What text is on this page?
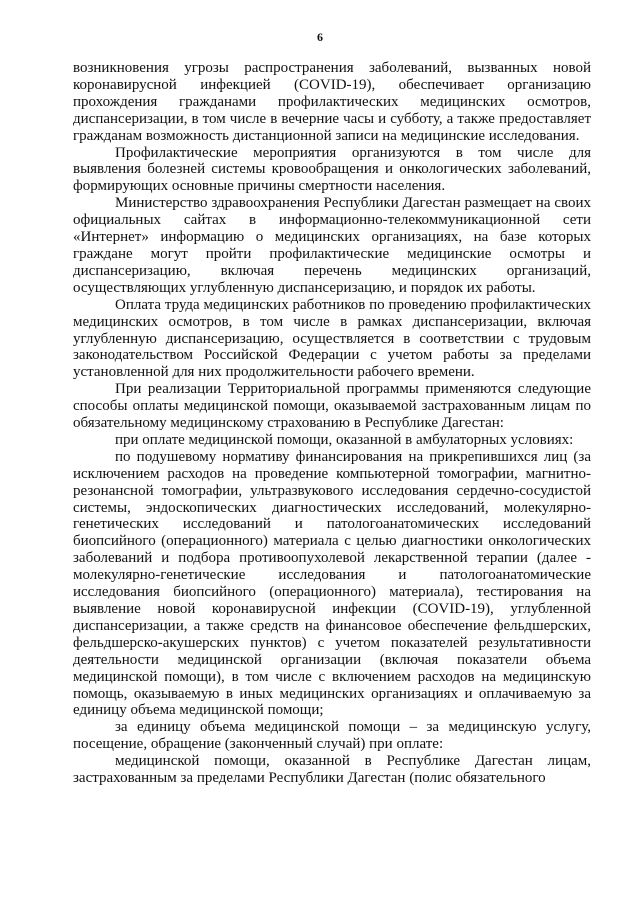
6

возникновения угрозы распространения заболеваний, вызванных новой коронавирусной инфекцией (COVID-19), обеспечивает организацию прохождения гражданами профилактических медицинских осмотров, диспансеризации, в том числе в вечерние часы и субботу, а также предоставляет гражданам возможность дистанционной записи на медицинские исследования.

Профилактические мероприятия организуются в том числе для выявления болезней системы кровообращения и онкологических заболеваний, формирующих основные причины смертности населения.

Министерство здравоохранения Республики Дагестан размещает на своих официальных сайтах в информационно-телекоммуникационной сети «Интернет» информацию о медицинских организациях, на базе которых граждане могут пройти профилактические медицинские осмотры и диспансеризацию, включая перечень медицинских организаций, осуществляющих углубленную диспансеризацию, и порядок их работы.

Оплата труда медицинских работников по проведению профилактических медицинских осмотров, в том числе в рамках диспансеризации, включая углубленную диспансеризацию, осуществляется в соответствии с трудовым законодательством Российской Федерации с учетом работы за пределами установленной для них продолжительности рабочего времени.

При реализации Территориальной программы применяются следующие способы оплаты медицинской помощи, оказываемой застрахованным лицам по обязательному медицинскому страхованию в Республике Дагестан:

при оплате медицинской помощи, оказанной в амбулаторных условиях:

по подушевому нормативу финансирования на прикрепившихся лиц (за исключением расходов на проведение компьютерной томографии, магнитно-резонансной томографии, ультразвукового исследования сердечно-сосудистой системы, эндоскопических диагностических исследований, молекулярно-генетических исследований и патологоанатомических исследований биопсийного (операционного) материала с целью диагностики онкологических заболеваний и подбора противоопухолевой лекарственной терапии (далее - молекулярно-генетические исследования и патологоанатомические исследования биопсийного (операционного) материала), тестирования на выявление новой коронавирусной инфекции (COVID-19), углубленной диспансеризации, а также средств на финансовое обеспечение фельдшерских, фельдшерско-акушерских пунктов) с учетом показателей результативности деятельности медицинской организации (включая показатели объема медицинской помощи), в том числе с включением расходов на медицинскую помощь, оказываемую в иных медицинских организациях и оплачиваемую за единицу объема медицинской помощи;

за единицу объема медицинской помощи – за медицинскую услугу, посещение, обращение (законченный случай) при оплате:

медицинской помощи, оказанной в Республике Дагестан лицам, застрахованным за пределами Республики Дагестан (полис обязательного
